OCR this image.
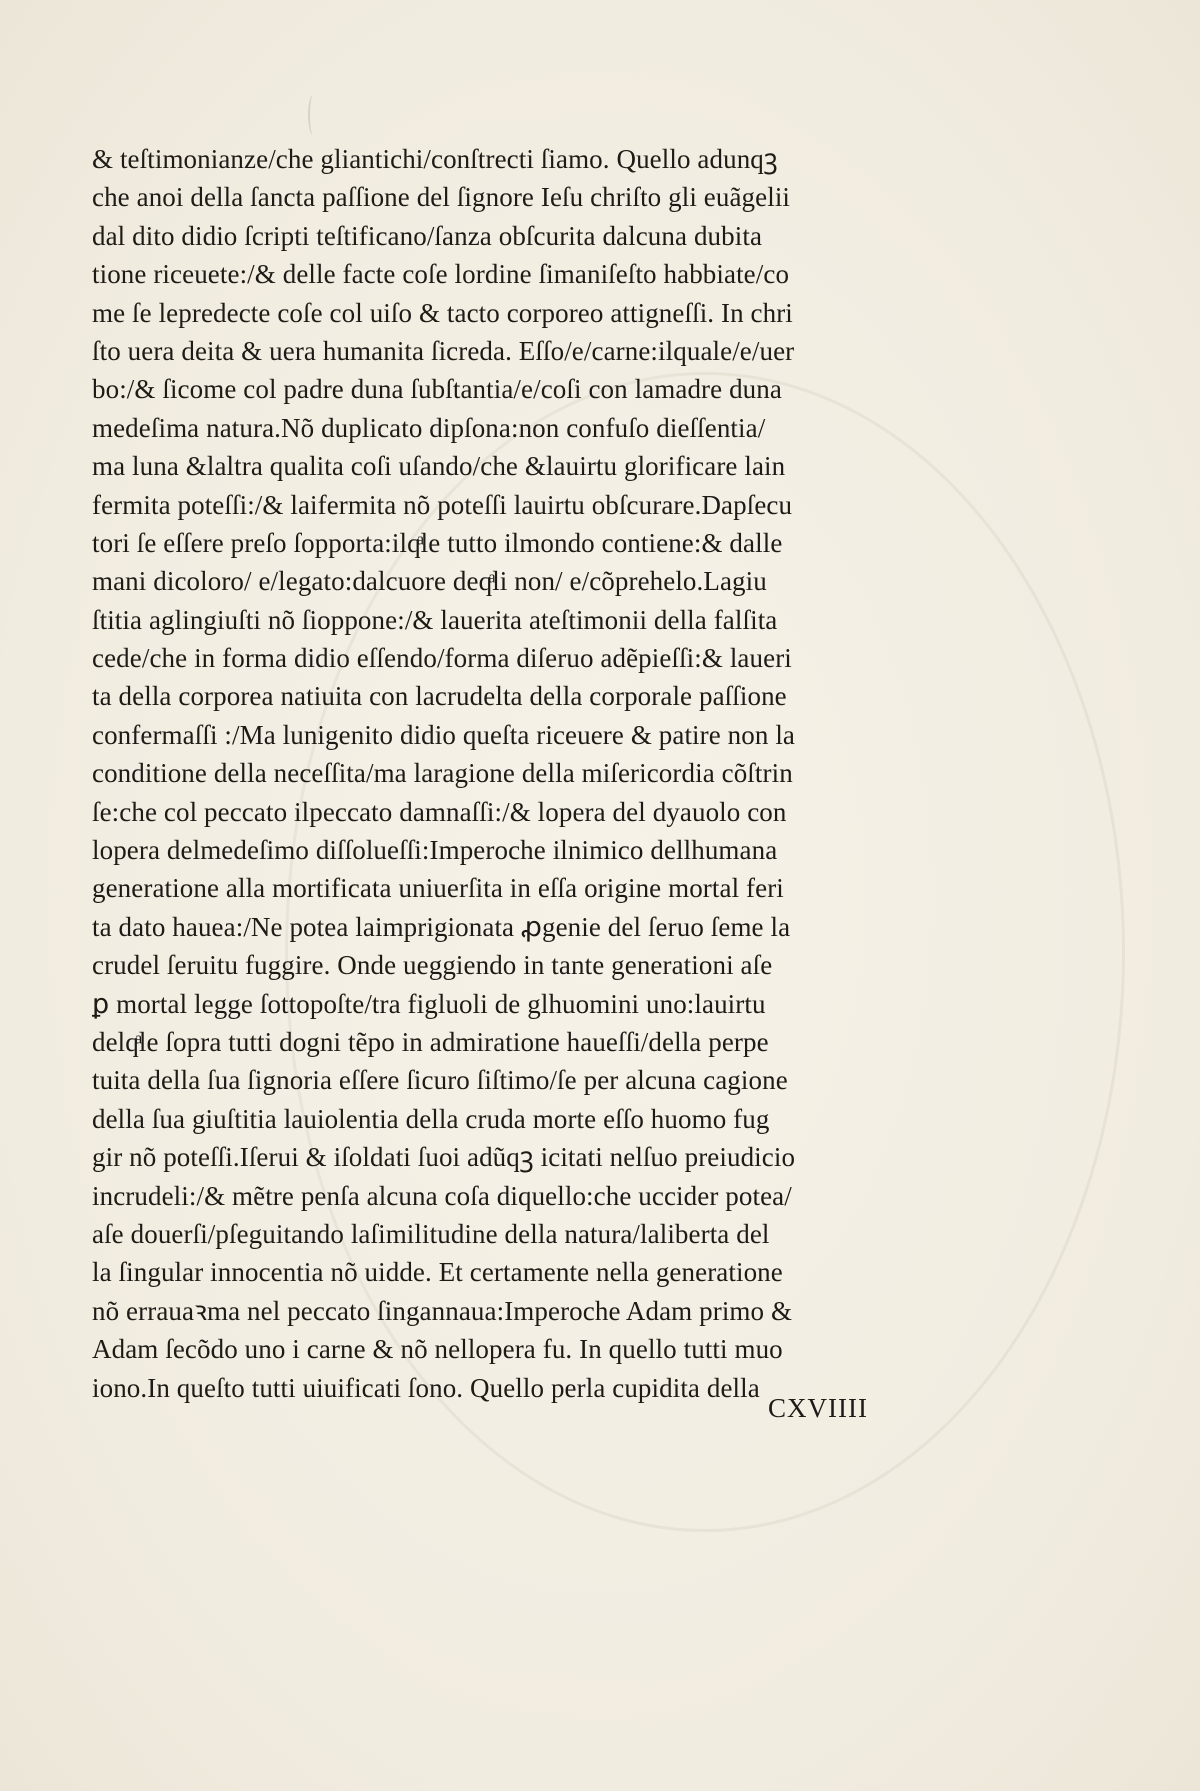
& teſtimonianze/che gliantichi/conſtrecti ſiamo. Quello adunqꝫ
che anoi della ſancta paſſione del ſignore Ieſu chriſto gli euãgelii
dal dito didio ſcripti teſtificano/ſanza obſcurita dalcuna dubita
tione riceuete:/& delle facte coſe lordine ſimaniſeſto habbiate/co
me ſe lepredecte coſe col uiſo & tacto corporeo attigneſſi. In chri
ſto uera deita & uera humanita ſicreda. Eſſo/e/carne:ilquale/e/uer
bo:/& ſicome col padre duna ſubſtantia/e/coſi con lamadre duna
medeſima natura.Nõ duplicato dipſona:non confuſo dieſſentia/
ma luna &laltra qualita coſi uſando/che &lauirtu glorificare lain
fermita poteſſi:/& laifermita nõ poteſſi lauirtu obſcurare.Dapſecu
tori ſe eſſere preſo ſopporta:ilqͣle tutto ilmondo contiene:& dalle
mani dicoloro/ e/legato:dalcuore deqͣli non/ e/cõprehelo.Lagiu
ſtitia aglingiuſti nõ ſioppone:/& lauerita ateſtimonii della falſita
cede/che in forma didio eſſendo/forma diſeruo adẽpieſſi:& laueri
ta della corporea natiuita con lacrudelta della corporale paſſione
confermaſſi :/Ma lunigenito didio queſta riceuere & patire non la
conditione della neceſſita/ma laragione della miſericordia cõſtrin
ſe:che col peccato ilpeccato damnaſſi:/& lopera del dyauolo con
lopera delmedeſimo diſſolueſſi:Imperoche ilnimico dellhumana
generatione alla mortificata uniuerſita in eſſa origine mortal feri
ta dato hauea:/Ne potea laimprigionata ꝓgenie del ſeruo ſeme la
crudel ſeruitu fuggire. Onde ueggiendo in tante generationi aſe
ꝑ mortal legge ſottopoſte/tra figluoli de glhuomini uno:lauirtu
delqͣle ſopra tutti dogni tẽpo in admiratione haueſſi/della perpe
tuita della ſua ſignoria eſſere ſicuro ſiſtimo/ſe per alcuna cagione
della ſua giuſtitia lauiolentia della cruda morte eſſo huomo fug
gir nõ poteſſi.Iſerui & iſoldati ſuoi adũqꝫ icitati nelſuo preiudicio
incrudeli:/& mẽtre penſa alcuna coſa diquello:che uccider potea/
aſe douerſi/pſeguitando laſimilitudine della natura/laliberta del
la ſingular innocentia nõ uidde. Et certamente nella generatione
nõ errauaꝛma nel peccato ſingannaua:Imperoche Adam primo &
Adam ſecõdo uno i carne & nõ nellopera fu. In quello tutti muo
iono.In queſto tutti uiuificati ſono. Quello perla cupidita della
CXVIIII
